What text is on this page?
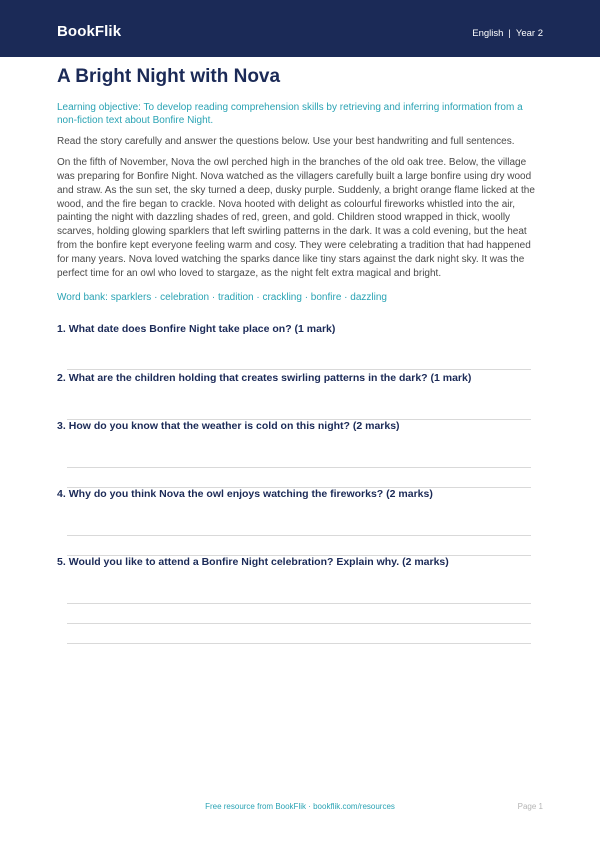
BookFlik	English | Year 2
A Bright Night with Nova

Learning objective: To develop reading comprehension skills by retrieving and inferring information from a non-fiction text about Bonfire Night.

Read the story carefully and answer the questions below. Use your best handwriting and full sentences.

On the fifth of November, Nova the owl perched high in the branches of the old oak tree. Below, the village was preparing for Bonfire Night. Nova watched as the villagers carefully built a large bonfire using dry wood and straw. As the sun set, the sky turned a deep, dusky purple. Suddenly, a bright orange flame licked at the wood, and the fire began to crackle. Nova hooted with delight as colourful fireworks whistled into the air, painting the night with dazzling shades of red, green, and gold. Children stood wrapped in thick, woolly scarves, holding glowing sparklers that left swirling patterns in the dark. It was a cold evening, but the heat from the bonfire kept everyone feeling warm and cosy. They were celebrating a tradition that had happened for many years. Nova loved watching the sparks dance like tiny stars against the dark night sky. It was the perfect time for an owl who loved to stargaze, as the night felt extra magical and bright.

Word bank: sparklers · celebration · tradition · crackling · bonfire · dazzling

1. What date does Bonfire Night take place on? (1 mark)
2. What are the children holding that creates swirling patterns in the dark? (1 mark)
3. How do you know that the weather is cold on this night? (2 marks)
4. Why do you think Nova the owl enjoys watching the fireworks? (2 marks)
5. Would you like to attend a Bonfire Night celebration? Explain why. (2 marks)
Free resource from BookFlik · bookflik.com/resources	Page 1
